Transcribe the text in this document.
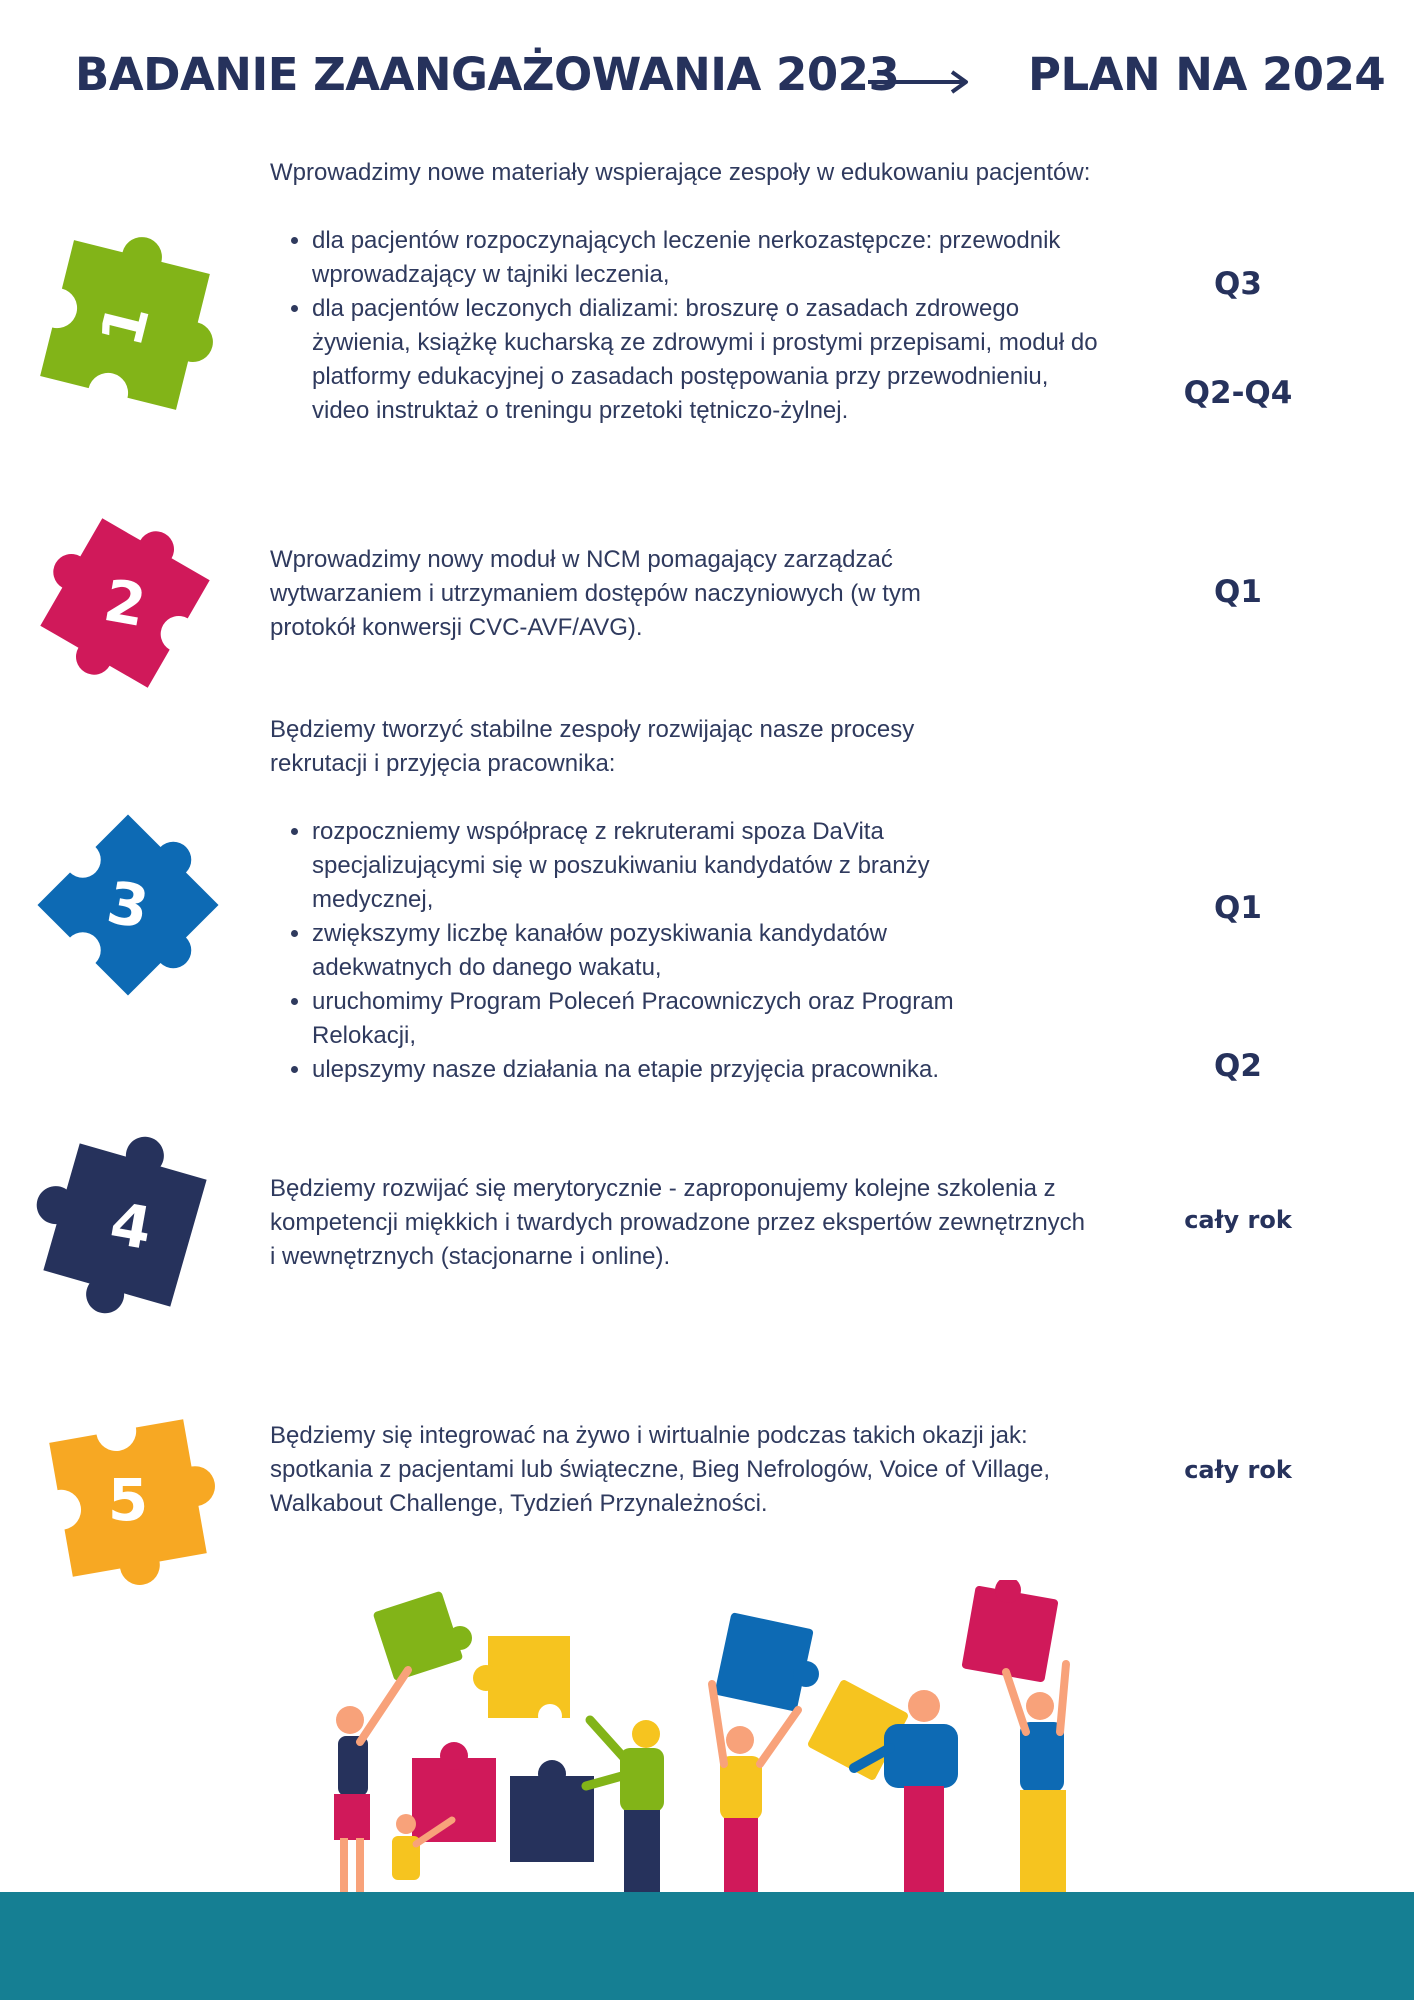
BADANIE ZAANGAŻOWANIA 2023	PLAN NA 2024
1
2
3
4
5

Wprowadzimy nowe materiały wspierające zespoły w edukowaniu pacjentów:

• dla pacjentów rozpoczynających leczenie nerkozastępcze: przewodnik wprowadzający w tajniki leczenia,
• dla pacjentów leczonych dializami: broszurę o zasadach zdrowego żywienia, książkę kucharską ze zdrowymi i prostymi przepisami, moduł do platformy edukacyjnej o zasadach postępowania przy przewodnieniu, video instruktaż o treningu przetoki tętniczo-żylnej.
Q3
Q2-Q4

Wprowadzimy nowy moduł w NCM pomagający zarządzać wytwarzaniem i utrzymaniem dostępów naczyniowych (w tym protokół konwersji CVC-AVF/AVG).

Q1

Będziemy tworzyć stabilne zespoły rozwijając nasze procesy rekrutacji i przyjęcia pracownika:

• rozpoczniemy współpracę z rekruterami spoza DaVita specjalizującymi się w poszukiwaniu kandydatów z branży medycznej,
• zwiększymy liczbę kanałów pozyskiwania kandydatów adekwatnych do danego wakatu,
• uruchomimy Program Poleceń Pracowniczych oraz Program Relokacji,
• ulepszymy nasze działania na etapie przyjęcia pracownika.
Q1
Q2

Będziemy rozwijać się merytorycznie - zaproponujemy kolejne szkolenia z kompetencji miękkich i twardych prowadzone przez ekspertów zewnętrznych i wewnętrznych (stacjonarne i online).

cały rok

Będziemy się integrować na żywo i wirtualnie podczas takich okazji jak: spotkania z pacjentami lub świąteczne, Bieg Nefrologów, Voice of Village, Walkabout Challenge, Tydzień Przynależności.

cały rok
